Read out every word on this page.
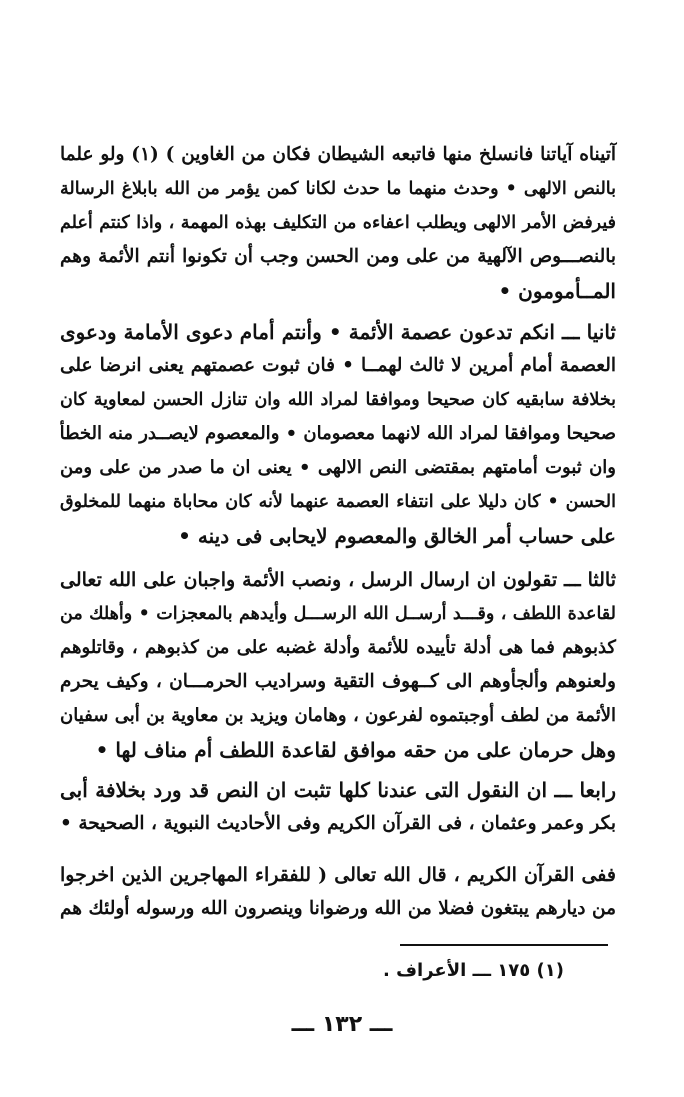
آتيناه آياتنا فانسلخ منها فاتبعه الشيطان فكان من الغاوين ) (١) ولو علما
بالنص الالهى • وحدث منهما ما حدث لكانا كمن يؤمر من الله بابلاغ الرسالة
فيرفض الأمر الالهى ويطلب اعفاءه من التكليف بهذه المهمة ، واذا كنتم أعلم
بالنصـــوص الآلهية من على ومن الحسن وجب أن تكونوا أنتم الأئمة وهم
المــأمومون •
ثانيا ـــ انكم تدعون عصمة الأئمة • وأنتم أمام دعوى الأمامة ودعوى
العصمة أمام أمرين لا ثالث لهمــا • فان ثبوت عصمتهم يعنى انرضا على
بخلافة سابقيه كان صحيحا وموافقا لمراد الله وان تنازل الحسن لمعاوية كان
صحيحا وموافقا لمراد الله لانهما معصومان • والمعصوم لايصــدر منه الخطأ
وان ثبوت أمامتهم بمقتضى النص الالهى • يعنى ان ما صدر من على ومن
الحسن • كان دليلا على انتفاء العصمة عنهما لأنه كان محاباة منهما للمخلوق
على حساب أمر الخالق والمعصوم لايحابى فى دينه •
ثالثا ـــ تقولون ان ارسال الرسل ، ونصب الأئمة واجبان على الله تعالى
لقاعدة اللطف ، وقـــد أرســل الله الرســـل وأيدهم بالمعجزات • وأهلك من
كذبوهم فما هى أدلة تأييده للأئمة وأدلة غضبه على من كذبوهم ، وقاتلوهم
ولعنوهم وألجأوهم الى كــهوف التقية وسراديب الحرمـــان ، وكيف يحرم
الأئمة من لطف أوجبتموه لفرعون ، وهامان ويزيد بن معاوية بن أبى سفيان
وهل حرمان على من حقه موافق لقاعدة اللطف أم مناف لها •
رابعا ـــ ان النقول التى عندنا كلها تثبت ان النص قد ورد بخلافة أبى
بكر وعمر وعثمان ، فى القرآن الكريم وفى الأحاديث النبوية ، الصحيحة •
ففى القرآن الكريم ، قال الله تعالى ( للفقراء المهاجرين الذين اخرجوا
من ديارهم يبتغون فضلا من الله ورضوانا وينصرون الله ورسوله أولئك هم
(١) ١٧٥ ـــ الأعراف .
ـــ ١٣٢ ـــ
